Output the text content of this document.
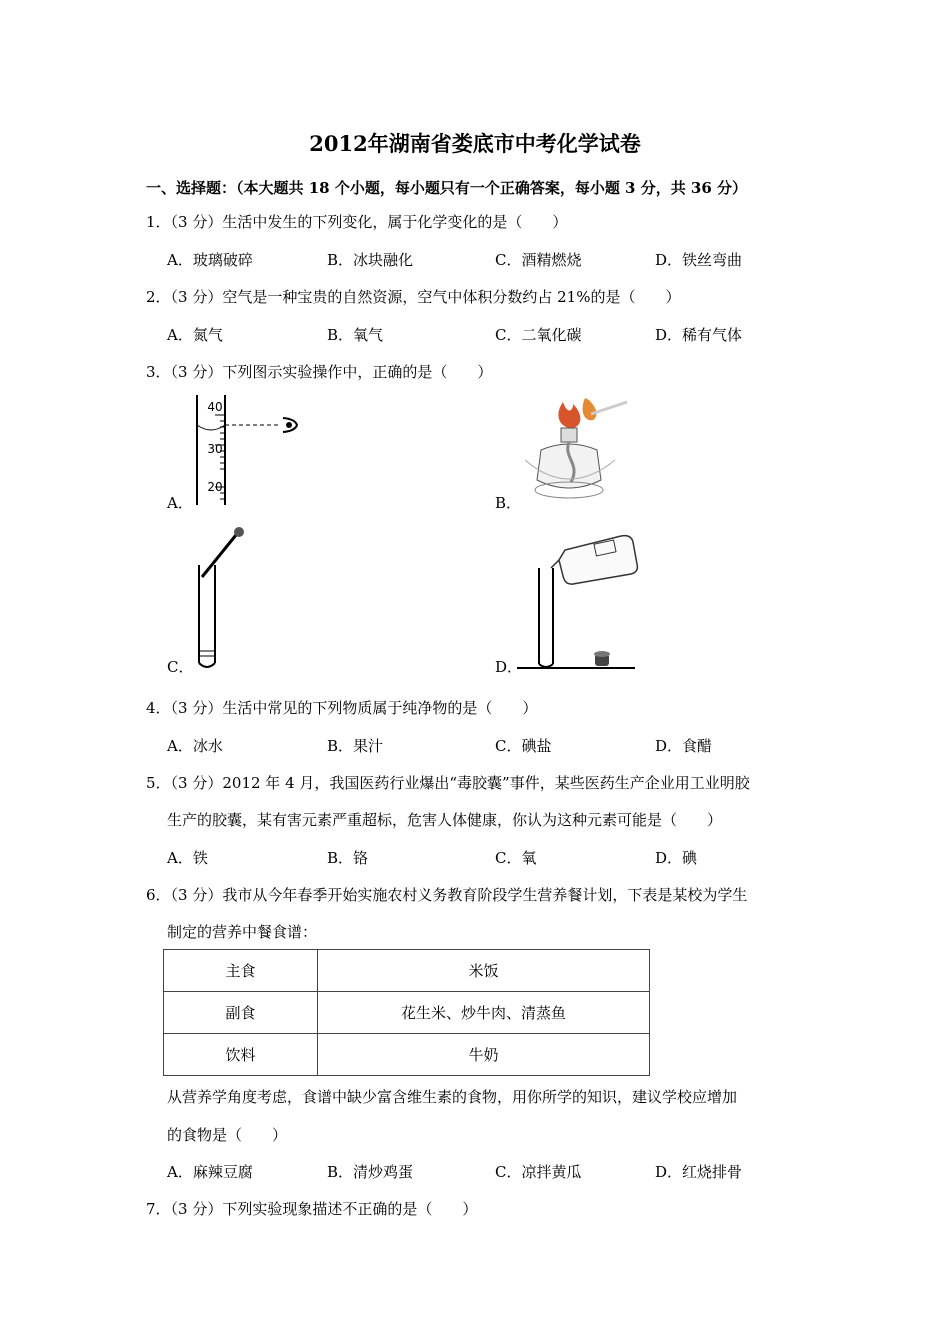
2012年湖南省娄底市中考化学试卷
一、选择题：（本大题共 18 个小题，每小题只有一个正确答案，每小题 3 分，共 36 分）
1．（3 分）生活中发生的下列变化，属于化学变化的是（　　）
A．玻璃破碎	B．冰块融化	C．酒精燃烧	D．铁丝弯曲
2．（3 分）空气是一种宝贵的自然资源，空气中体积分数约占 21%的是（　　）
A．氮气	B．氧气	C．二氧化碳	D．稀有气体
3．（3 分）下列图示实验操作中，正确的是（　　）
40
30
20
A．	B．
C．	D．
4．（3 分）生活中常见的下列物质属于纯净物的是（　　）
A．冰水	B．果汁	C．碘盐	D．食醋
5．（3 分）2012 年 4 月，我国医药行业爆出“毒胶囊”事件，某些医药生产企业用工业明胶
生产的胶囊，某有害元素严重超标，危害人体健康，你认为这种元素可能是（　　）
A．铁	B．铬	C．氧	D．碘
6．（3 分）我市从今年春季开始实施农村义务教育阶段学生营养餐计划，下表是某校为学生
制定的营养中餐食谱：
主食	米饭
副食	花生米、炒牛肉、清蒸鱼
饮料	牛奶
从营养学角度考虑，食谱中缺少富含维生素的食物，用你所学的知识，建议学校应增加
的食物是（　　）
A．麻辣豆腐	B．清炒鸡蛋	C．凉拌黄瓜	D．红烧排骨
7．（3 分）下列实验现象描述不正确的是（　　）
